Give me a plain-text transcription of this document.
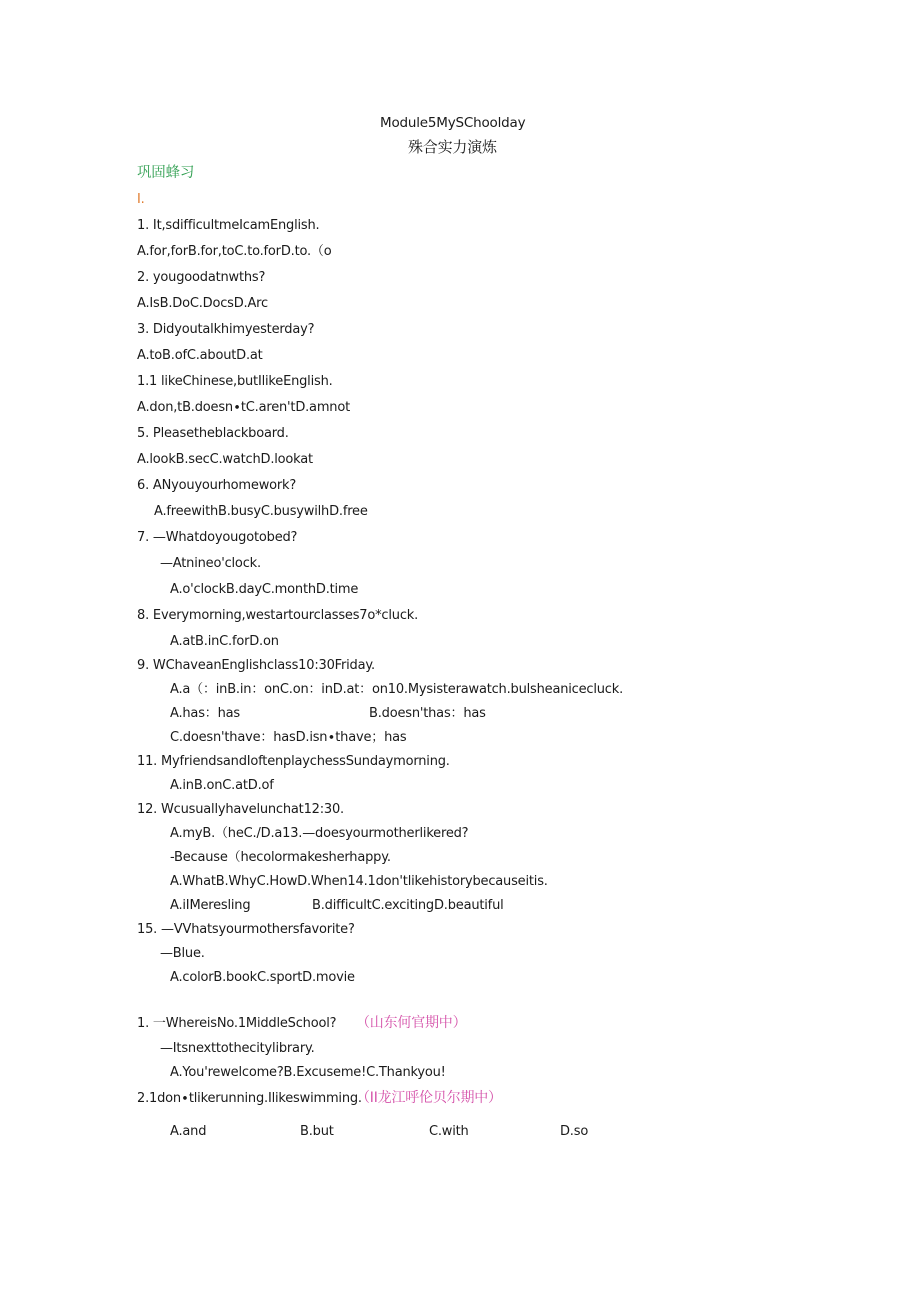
Module5MySChoolday
殊合实力演炼
巩固蜂习
I.
1. It,sdifficultmeIcamEnglish.
A.for,forB.for,toC.to.forD.to.（o
2. yougoodatnwths?
A.IsB.DoC.DocsD.Arc
3. Didyoutalkhimyesterday?
A.toB.ofC.aboutD.at
1.1 likeChinese,butIlikeEnglish.
A.don,tB.doesn∙tC.aren'tD.amnot
5. Pleasetheblackboard.
A.lookB.secC.watchD.lookat
6. ANyouyourhomework?
A.freewithB.busyC.busywilhD.free
7. —Whatdoyougotobed?
—Atnineo'clock.
A.o'clockB.dayC.monthD.time
8. Everymorning,westartourclasses7o*cluck.
A.atB.inC.forD.on
9. WChaveanEnglishclass10:30Friday.
A.a（：inB.in：onC.on：inD.at：on10.Mysisterawatch.bulsheanicecluck.
A.has：has	B.doesn'thas：has
C.doesn'thave：hasD.isn∙thave；has
11. MyfriendsandIoftenplaychessSundaymorning.
A.inB.onC.atD.of
12. Wcusuallyhavelunchat12:30.
A.myB.（heC./D.a13.—doesyourmotherlikered?
-Because（hecolormakesherhappy.
A.WhatB.WhyC.HowD.When14.1don'tlikehistorybecauseitis.
A.iIMeresling	B.difficultC.excitingD.beautiful
15. —VVhatsyourmothersfavorite?
—Blue.
A.colorB.bookC.sportD.movie
1. 一WhereisNo.1MiddleSchool? （山东何官期中）
—Itsnexttothecitylibrary.
A.You'rewelcome?B.Excuseme!C.Thankyou!
2.1don∙tlikerunning.Ilikeswimming.
（II龙江呼伦贝尔期中）
A.and	B.but	C.with	D.so
